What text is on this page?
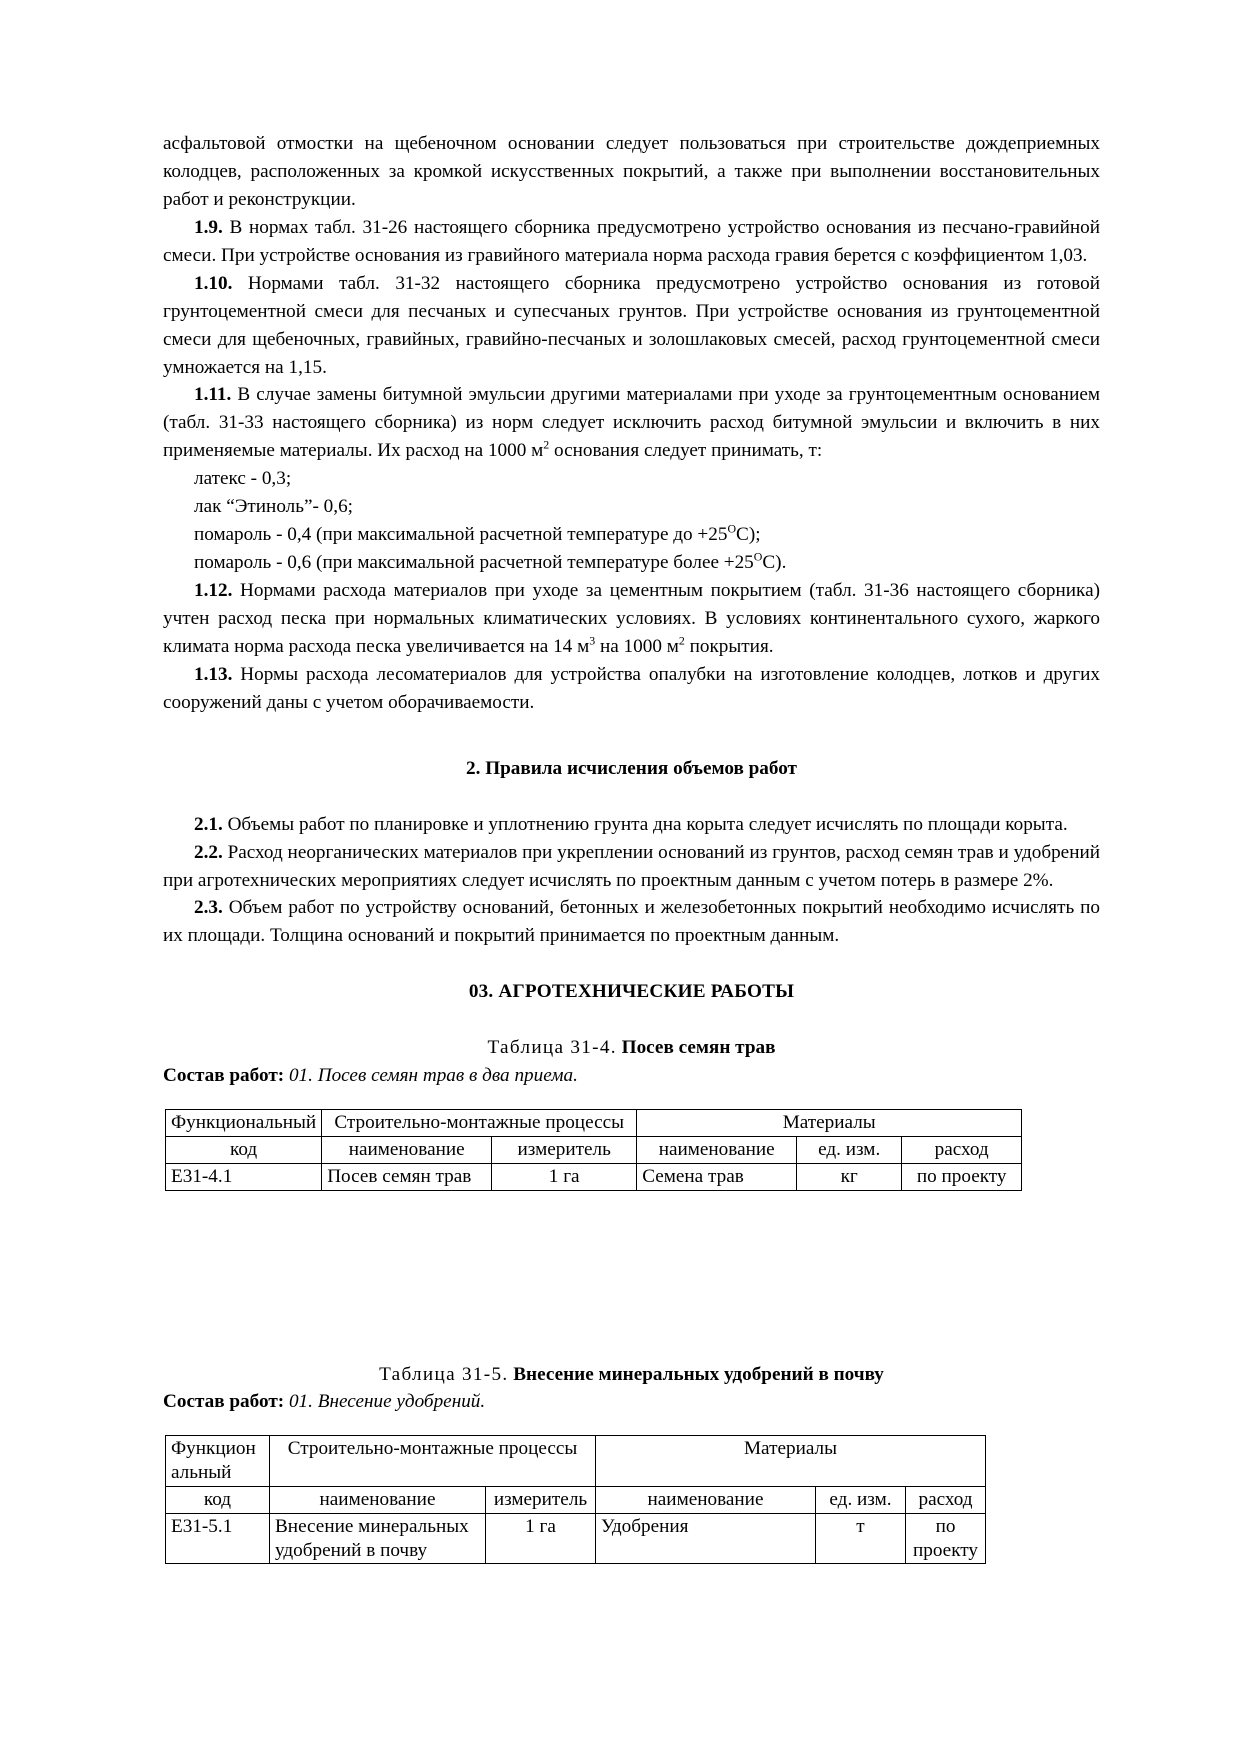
асфальтовой отмостки на щебеночном основании следует пользоваться при строительстве дождеприемных колодцев, расположенных за кромкой искусственных покрытий, а также при выполнении восстановительных работ и реконструкции.

1.9. В нормах табл. 31-26 настоящего сборника предусмотрено устройство основания из песчано-гравийной смеси. При устройстве основания из гравийного материала норма расхода гравия берется с коэффициентом 1,03.

1.10. Нормами табл. 31-32 настоящего сборника предусмотрено устройство основания из готовой грунтоцементной смеси для песчаных и супесчаных грунтов. При устройстве основания из грунтоцементной смеси для щебеночных, гравийных, гравийно-песчаных и золошлаковых смесей, расход грунтоцементной смеси умножается на 1,15.

1.11. В случае замены битумной эмульсии другими материалами при уходе за грунтоцементным основанием (табл. 31-33 настоящего сборника) из норм следует исключить расход битумной эмульсии и включить в них применяемые материалы. Их расход на 1000 $м^2$ основания следует принимать, т:

латекс - 0,3;

лак “Этиноль”- 0,6;

помароль - 0,4 (при максимальной расчетной температуре до $+25^ОС$);

помароль - 0,6 (при максимальной расчетной температуре более $+25^ОС$).

1.12. Нормами расхода материалов при уходе за цементным покрытием (табл. 31-36 настоящего сборника) учтен расход песка при нормальных климатических условиях. В условиях континентального сухого, жаркого климата норма расхода песка увеличивается на 14 $м^3$ на 1000 $м^2$ покрытия.

1.13. Нормы расхода лесоматериалов для устройства опалубки на изготовление колодцев, лотков и других сооружений даны с учетом оборачиваемости.

2. Правила исчисления объемов работ

2.1. Объемы работ по планировке и уплотнению грунта дна корыта следует исчислять по площади корыта.

2.2. Расход неорганических материалов при укреплении оснований из грунтов, расход семян трав и удобрений при агротехнических мероприятиях следует исчислять по проектным данным с учетом потерь в размере 2%.

2.3. Объем работ по устройству оснований, бетонных и железобетонных покрытий необходимо исчислять по их площади. Толщина оснований и покрытий принимается по проектным данным.

03. АГРОТЕХНИЧЕСКИЕ РАБОТЫ

Таблица 31-4. Посев семян трав

Состав работ: 01. Посев семян трав в два приема.

Функциональный	Строительно-монтажные процессы		Материалы		
код	наименование	измеритель	наименование	ед. изм.	расход
Е31-4.1	Посев семян трав	1 га	Семена трав	кг	по проекту

Таблица 31-5. Внесение минеральных удобрений в почву

Состав работ: 01. Внесение удобрений.

Функцион
альный	Строительно-монтажные процессы		Материалы		
код	наименование	измеритель	наименование	ед. изм.	расход
Е31-5.1	Внесение минеральных удобрений в почву	1 га	Удобрения	т	по
проекту
